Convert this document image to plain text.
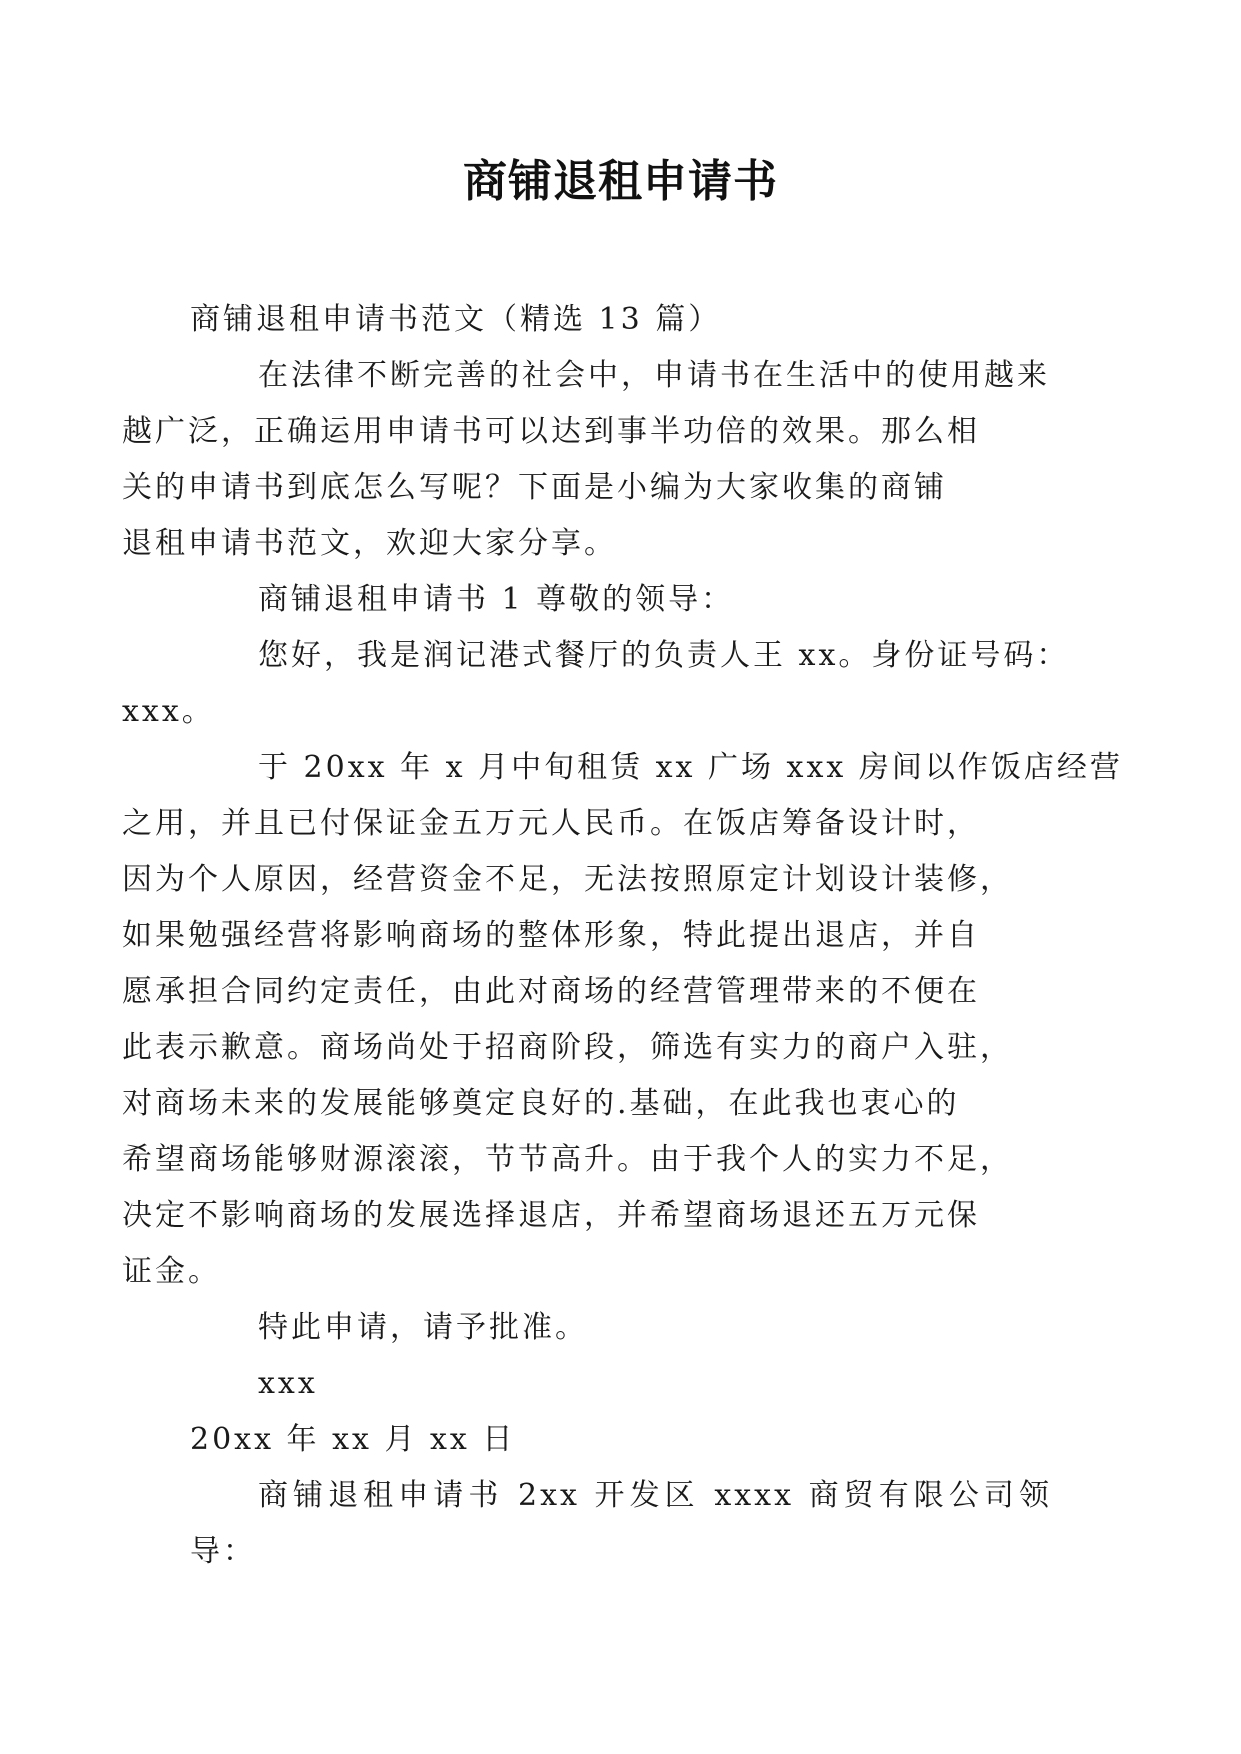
商铺退租申请书

商铺退租申请书范文（精选 13 篇）

在法律不断完善的社会中，申请书在生活中的使用越来
越广泛，正确运用申请书可以达到事半功倍的效果。那么相
关的申请书到底怎么写呢？下面是小编为大家收集的商铺
退租申请书范文，欢迎大家分享。

商铺退租申请书 1 尊敬的领导：

您好，我是润记港式餐厅的负责人王 xx。身份证号码：
xxx。

于 20xx 年 x 月中旬租赁 xx 广场 xxx 房间以作饭店经营
之用，并且已付保证金五万元人民币。在饭店筹备设计时，
因为个人原因，经营资金不足，无法按照原定计划设计装修，
如果勉强经营将影响商场的整体形象，特此提出退店，并自
愿承担合同约定责任，由此对商场的经营管理带来的不便在
此表示歉意。商场尚处于招商阶段，筛选有实力的商户入驻，
对商场未来的发展能够奠定良好的.基础，在此我也衷心的
希望商场能够财源滚滚，节节高升。由于我个人的实力不足，
决定不影响商场的发展选择退店，并希望商场退还五万元保
证金。

特此申请，请予批准。

xxx

20xx 年 xx 月 xx 日

商铺退租申请书 2xx 开发区 xxxx 商贸有限公司领导：
